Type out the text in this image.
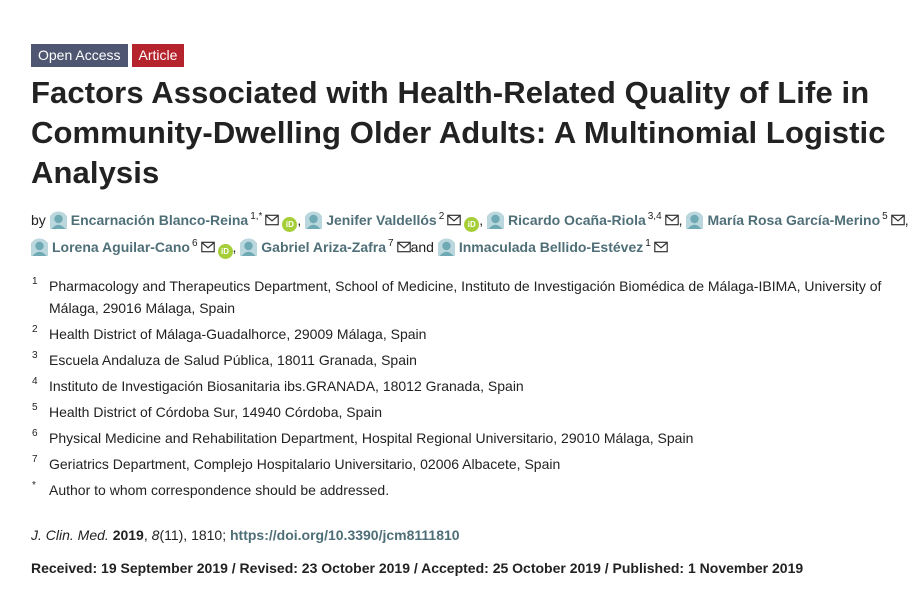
Open Access	Article
Factors Associated with Health-Related Quality of Life in Community-Dwelling Older Adults: A Multinomial Logistic Analysis
by Encarnación Blanco-Reina $^{1,*}$iD , Jenifer Valdellós $^2$iD , Ricardo Ocaña-Riola $^{3,4}$ , María Rosa García-Merino $^5$ , Lorena Aguilar-Cano $^6$iD , Gabriel Ariza-Zafra $^7$ and Inmaculada Bellido-Estévez $^1$
1 Pharmacology and Therapeutics Department, School of Medicine, Instituto de Investigación Biomédica de Málaga-IBIMA, University of Málaga, 29016 Málaga, Spain
2 Health District of Málaga-Guadalhorce, 29009 Málaga, Spain
3 Escuela Andaluza de Salud Pública, 18011 Granada, Spain
4 Instituto de Investigación Biosanitaria ibs.GRANADA, 18012 Granada, Spain
5 Health District of Córdoba Sur, 14940 Córdoba, Spain
6 Physical Medicine and Rehabilitation Department, Hospital Regional Universitario, 29010 Málaga, Spain
7 Geriatrics Department, Complejo Hospitalario Universitario, 02006 Albacete, Spain
* Author to whom correspondence should be addressed.
J. Clin. Med. 2019, 8(11), 1810; https://doi.org/10.3390/jcm8111810
Received: 19 September 2019 / Revised: 23 October 2019 / Accepted: 25 October 2019 / Published: 1 November 2019
